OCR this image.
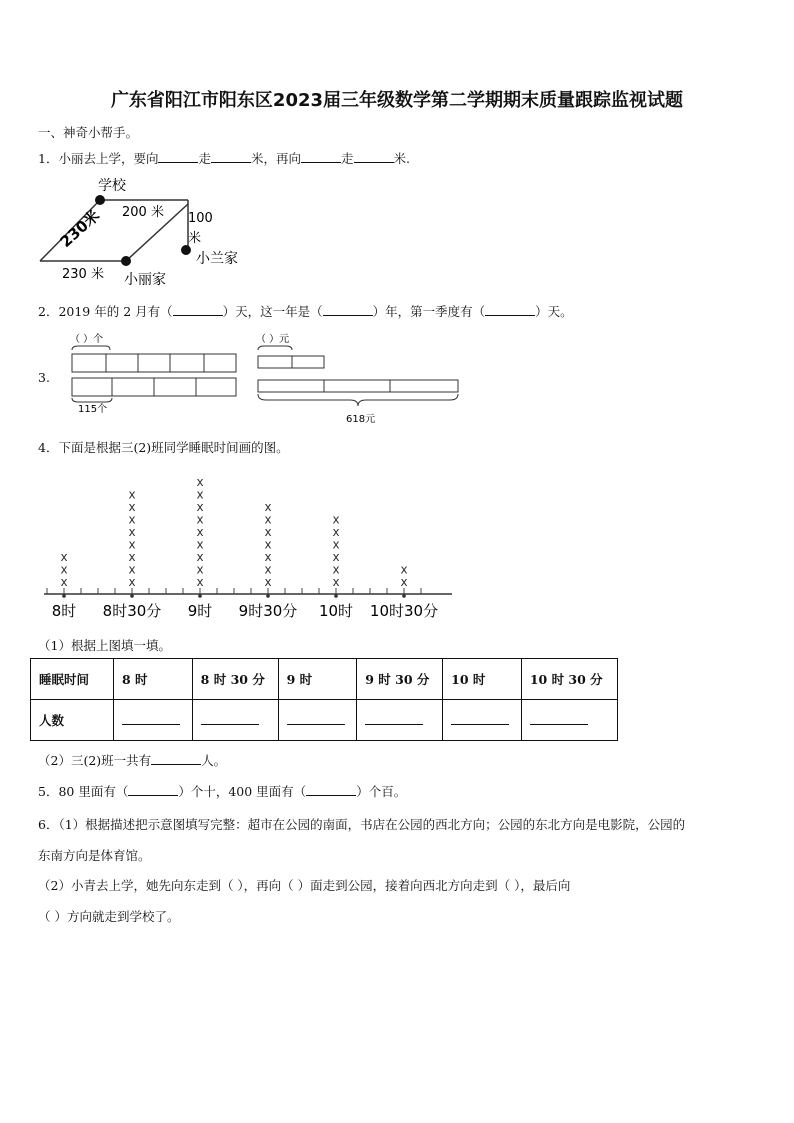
广东省阳江市阳东区2023届三年级数学第二学期期末质量跟踪监视试题
一、神奇小帮手。
1．小丽去上学，要向	走	米，再向	走	米.
学校
200 米 100
米
230米
230 米 小丽家
小兰家
2．2019 年的 2 月有（	）天，这一年是（	）年，第一季度有（	）天。
3.
（ ）个
115个
（ ）元
618元
4．下面是根据三(2)班同学睡眠时间画的图。
x
x
x
x
x
x
x
x
x
x
x
x
x
x
x
x
x
x
x
x
x
x
x
x
x
x
x
x
x
x
x
x
x
x
x
8时 8时30分 9时 9时30分 10时 10时30分
（1）根据上图填一填。
睡眠时间	8 时	8 时 30 分	9 时	9 时 30 分	10 时	10 时 30 分
人数						
（2）三(2)班一共有	人。
5．80 里面有（	）个十，400 里面有（	）个百。
6．（1）根据描述把示意图填写完整：超市在公园的南面，书店在公园的西北方向；公园的东北方向是电影院，公园的
东南方向是体育馆。
（2）小青去上学，她先向东走到（ ），再向（ ）面走到公园，接着向西北方向走到（ ），最后向
（ ）方向就走到学校了。
